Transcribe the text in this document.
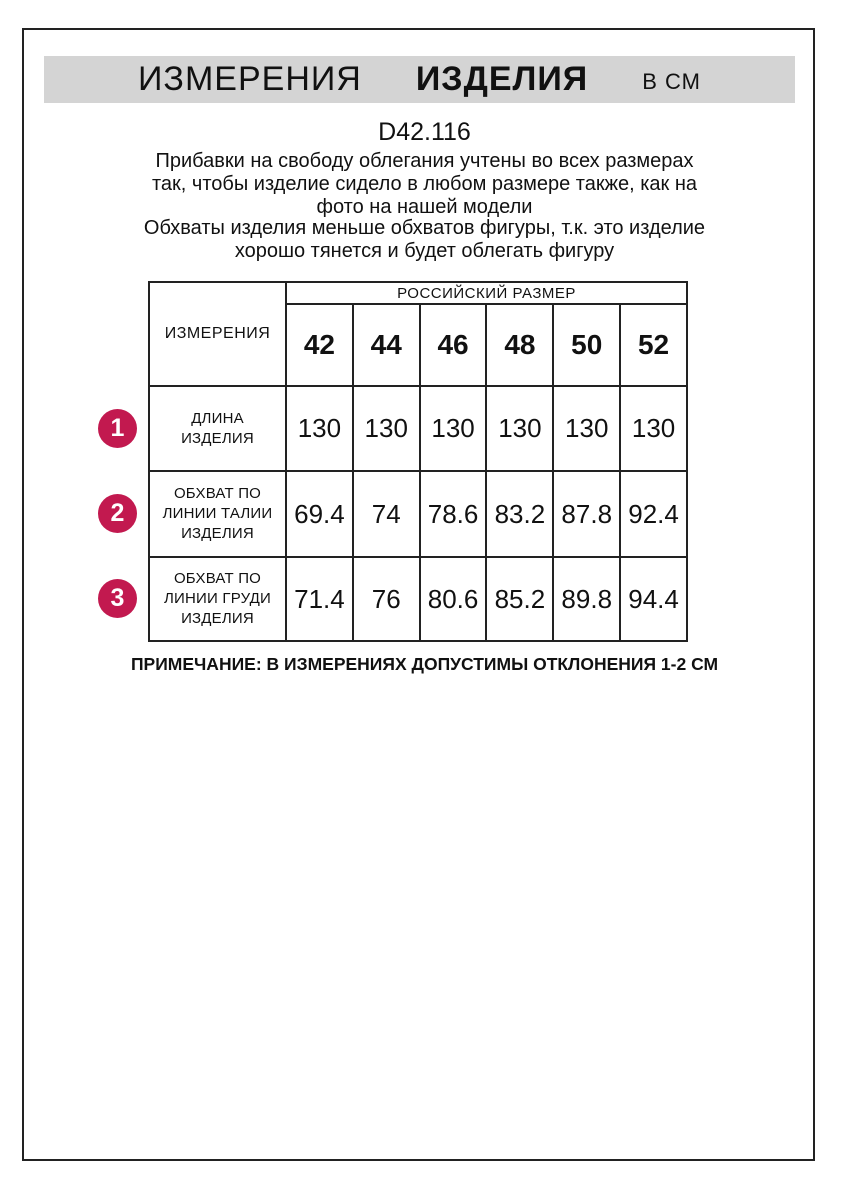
ИЗМЕРЕНИЯ ИЗДЕЛИЯ В СМ
D42.116
Прибавки на свободу облегания учтены во всех размерах
так, чтобы изделие сидело в любом размере также, как на
фото на нашей модели
Обхваты изделия меньше обхватов фигуры, т.к. это изделие
хорошо тянется и будет облегать фигуру
1
2
3
ИЗМЕРЕНИЯ	РОССИЙСКИЙ РАЗМЕР					
	42	44	46	48	50	52
ДЛИНА ИЗДЕЛИЯ	130	130	130	130	130	130
ОБХВАТ ПО ЛИНИИ ТАЛИИ ИЗДЕЛИЯ	69.4	74	78.6	83.2	87.8	92.4
ОБХВАТ ПО ЛИНИИ ГРУДИ ИЗДЕЛИЯ	71.4	76	80.6	85.2	89.8	94.4
ПРИМЕЧАНИЕ: В ИЗМЕРЕНИЯХ ДОПУСТИМЫ ОТКЛОНЕНИЯ 1-2 СМ
